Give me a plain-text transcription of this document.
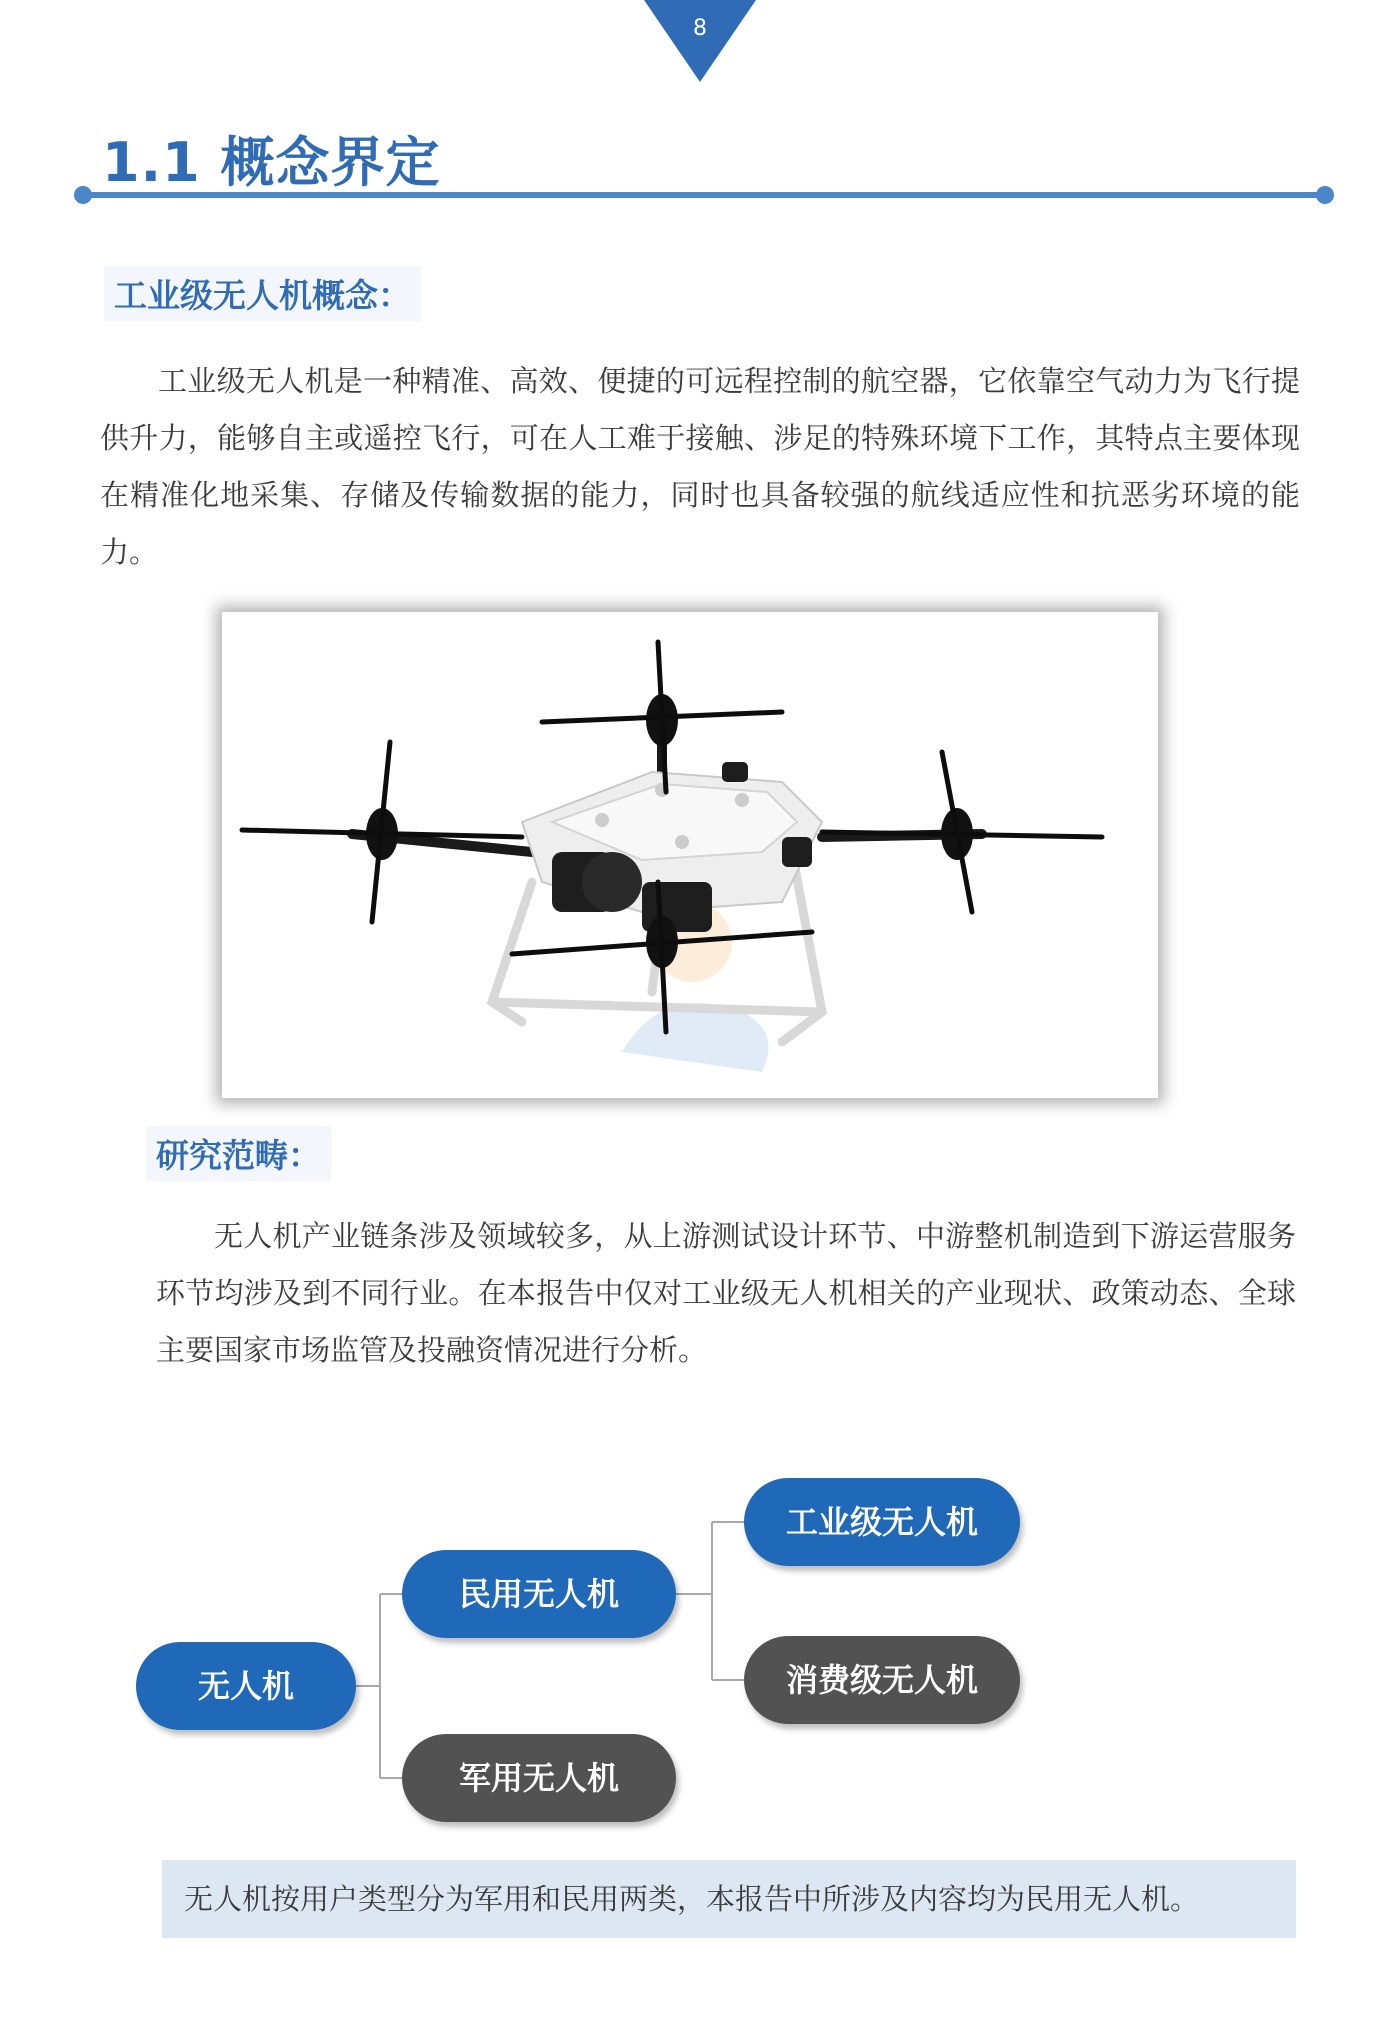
8
1.1 概念界定
工业级无人机概念：
工业级无人机是一种精准、高效、便捷的可远程控制的航空器，它依靠空气动力为飞行提供升力，能够自主或遥控飞行，可在人工难于接触、涉足的特殊环境下工作，其特点主要体现在精准化地采集、存储及传输数据的能力，同时也具备较强的航线适应性和抗恶劣环境的能力。
研究范畴：
无人机产业链条涉及领域较多，从上游测试设计环节、中游整机制造到下游运营服务环节均涉及到不同行业。在本报告中仅对工业级无人机相关的产业现状、政策动态、全球主要国家市场监管及投融资情况进行分析。
无人机
民用无人机
军用无人机
工业级无人机
消费级无人机
无人机按用户类型分为军用和民用两类，本报告中所涉及内容均为民用无人机。
